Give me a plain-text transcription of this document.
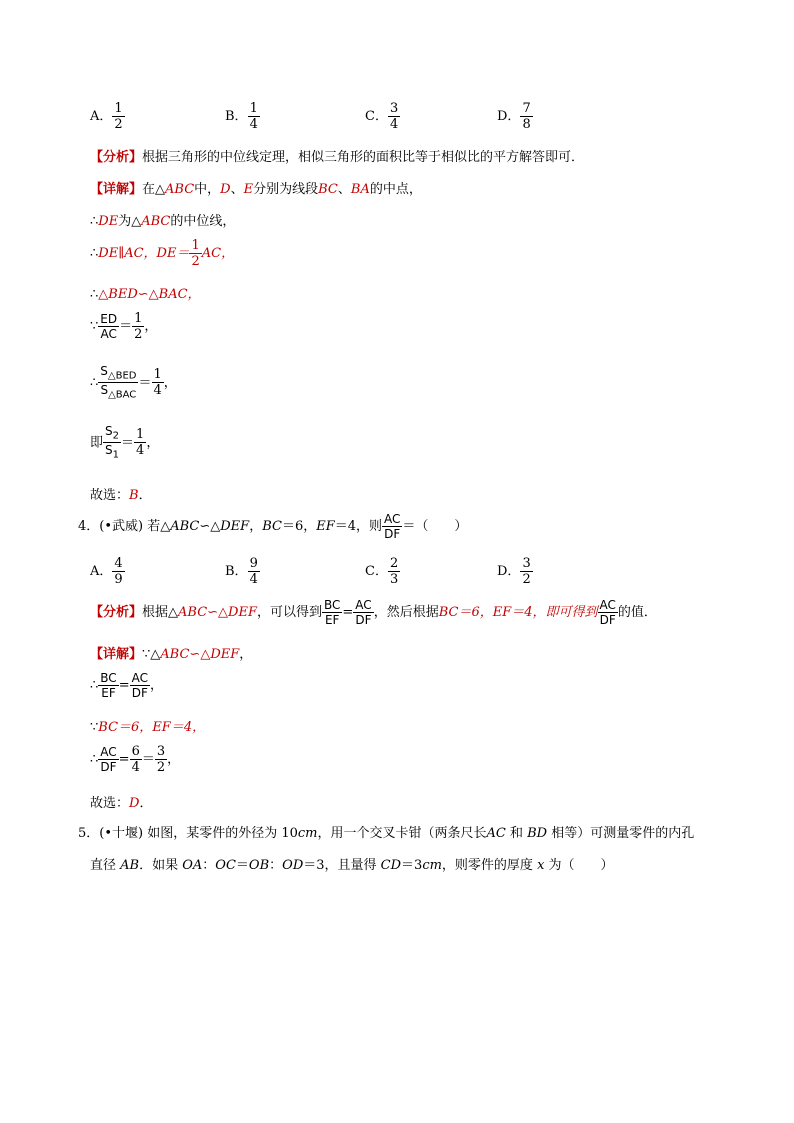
A． $\frac{1}{2}$	B． $\frac{1}{4}$	C． $\frac{3}{4}$	D． $\frac{7}{8}$
【分析】根据三角形的中位线定理，相似三角形的面积比等于相似比的平方解答即可．
【详解】在△ABC中，D、E分别为线段BC、BA的中点，
∴DE为△ABC的中位线，
∴DE∥AC，$DE= \frac{1}{2}$ AC，
∴△BED∽△BAC，
∵ $\frac{ED}{AC} = \frac{1}{2}$ ，
∴ $\frac{S_{\triangle BED}}{S_{\triangle BAC}} = \frac{1}{4}$ ，
即 $\frac{S_2}{S_1} = \frac{1}{4}$ ，
故选：B．
4．(•武威) 若△ABC∽△DEF，BC＝6，EF＝4，则 $\frac{AC}{DF}$ ＝（　　）
A． $\frac{4}{9}$	B． $\frac{9}{4}$	C． $\frac{2}{3}$	D． $\frac{3}{2}$
【分析】根据△ABC∽△DEF，可以得到 $\frac{BC}{EF} = \frac{AC}{DF}$ ，然后根据BC＝6，EF＝4，即可得到 $\frac{AC}{DF}$ 的值．
【详解】∵△ABC∽△DEF，
∴ $\frac{BC}{EF} = \frac{AC}{DF}$ ，
∵BC＝6，EF＝4，
∴ $\frac{AC}{DF} = \frac{6}{4} = \frac{3}{2}$ ，
故选：D．
5．(•十堰) 如图，某零件的外径为 10cm，用一个交叉卡钳（两条尺长AC 和 BD 相等）可测量零件的内孔
直径 AB．如果 OA：OC＝OB：OD＝3，且量得 CD＝3cm，则零件的厚度 x 为（　　）
